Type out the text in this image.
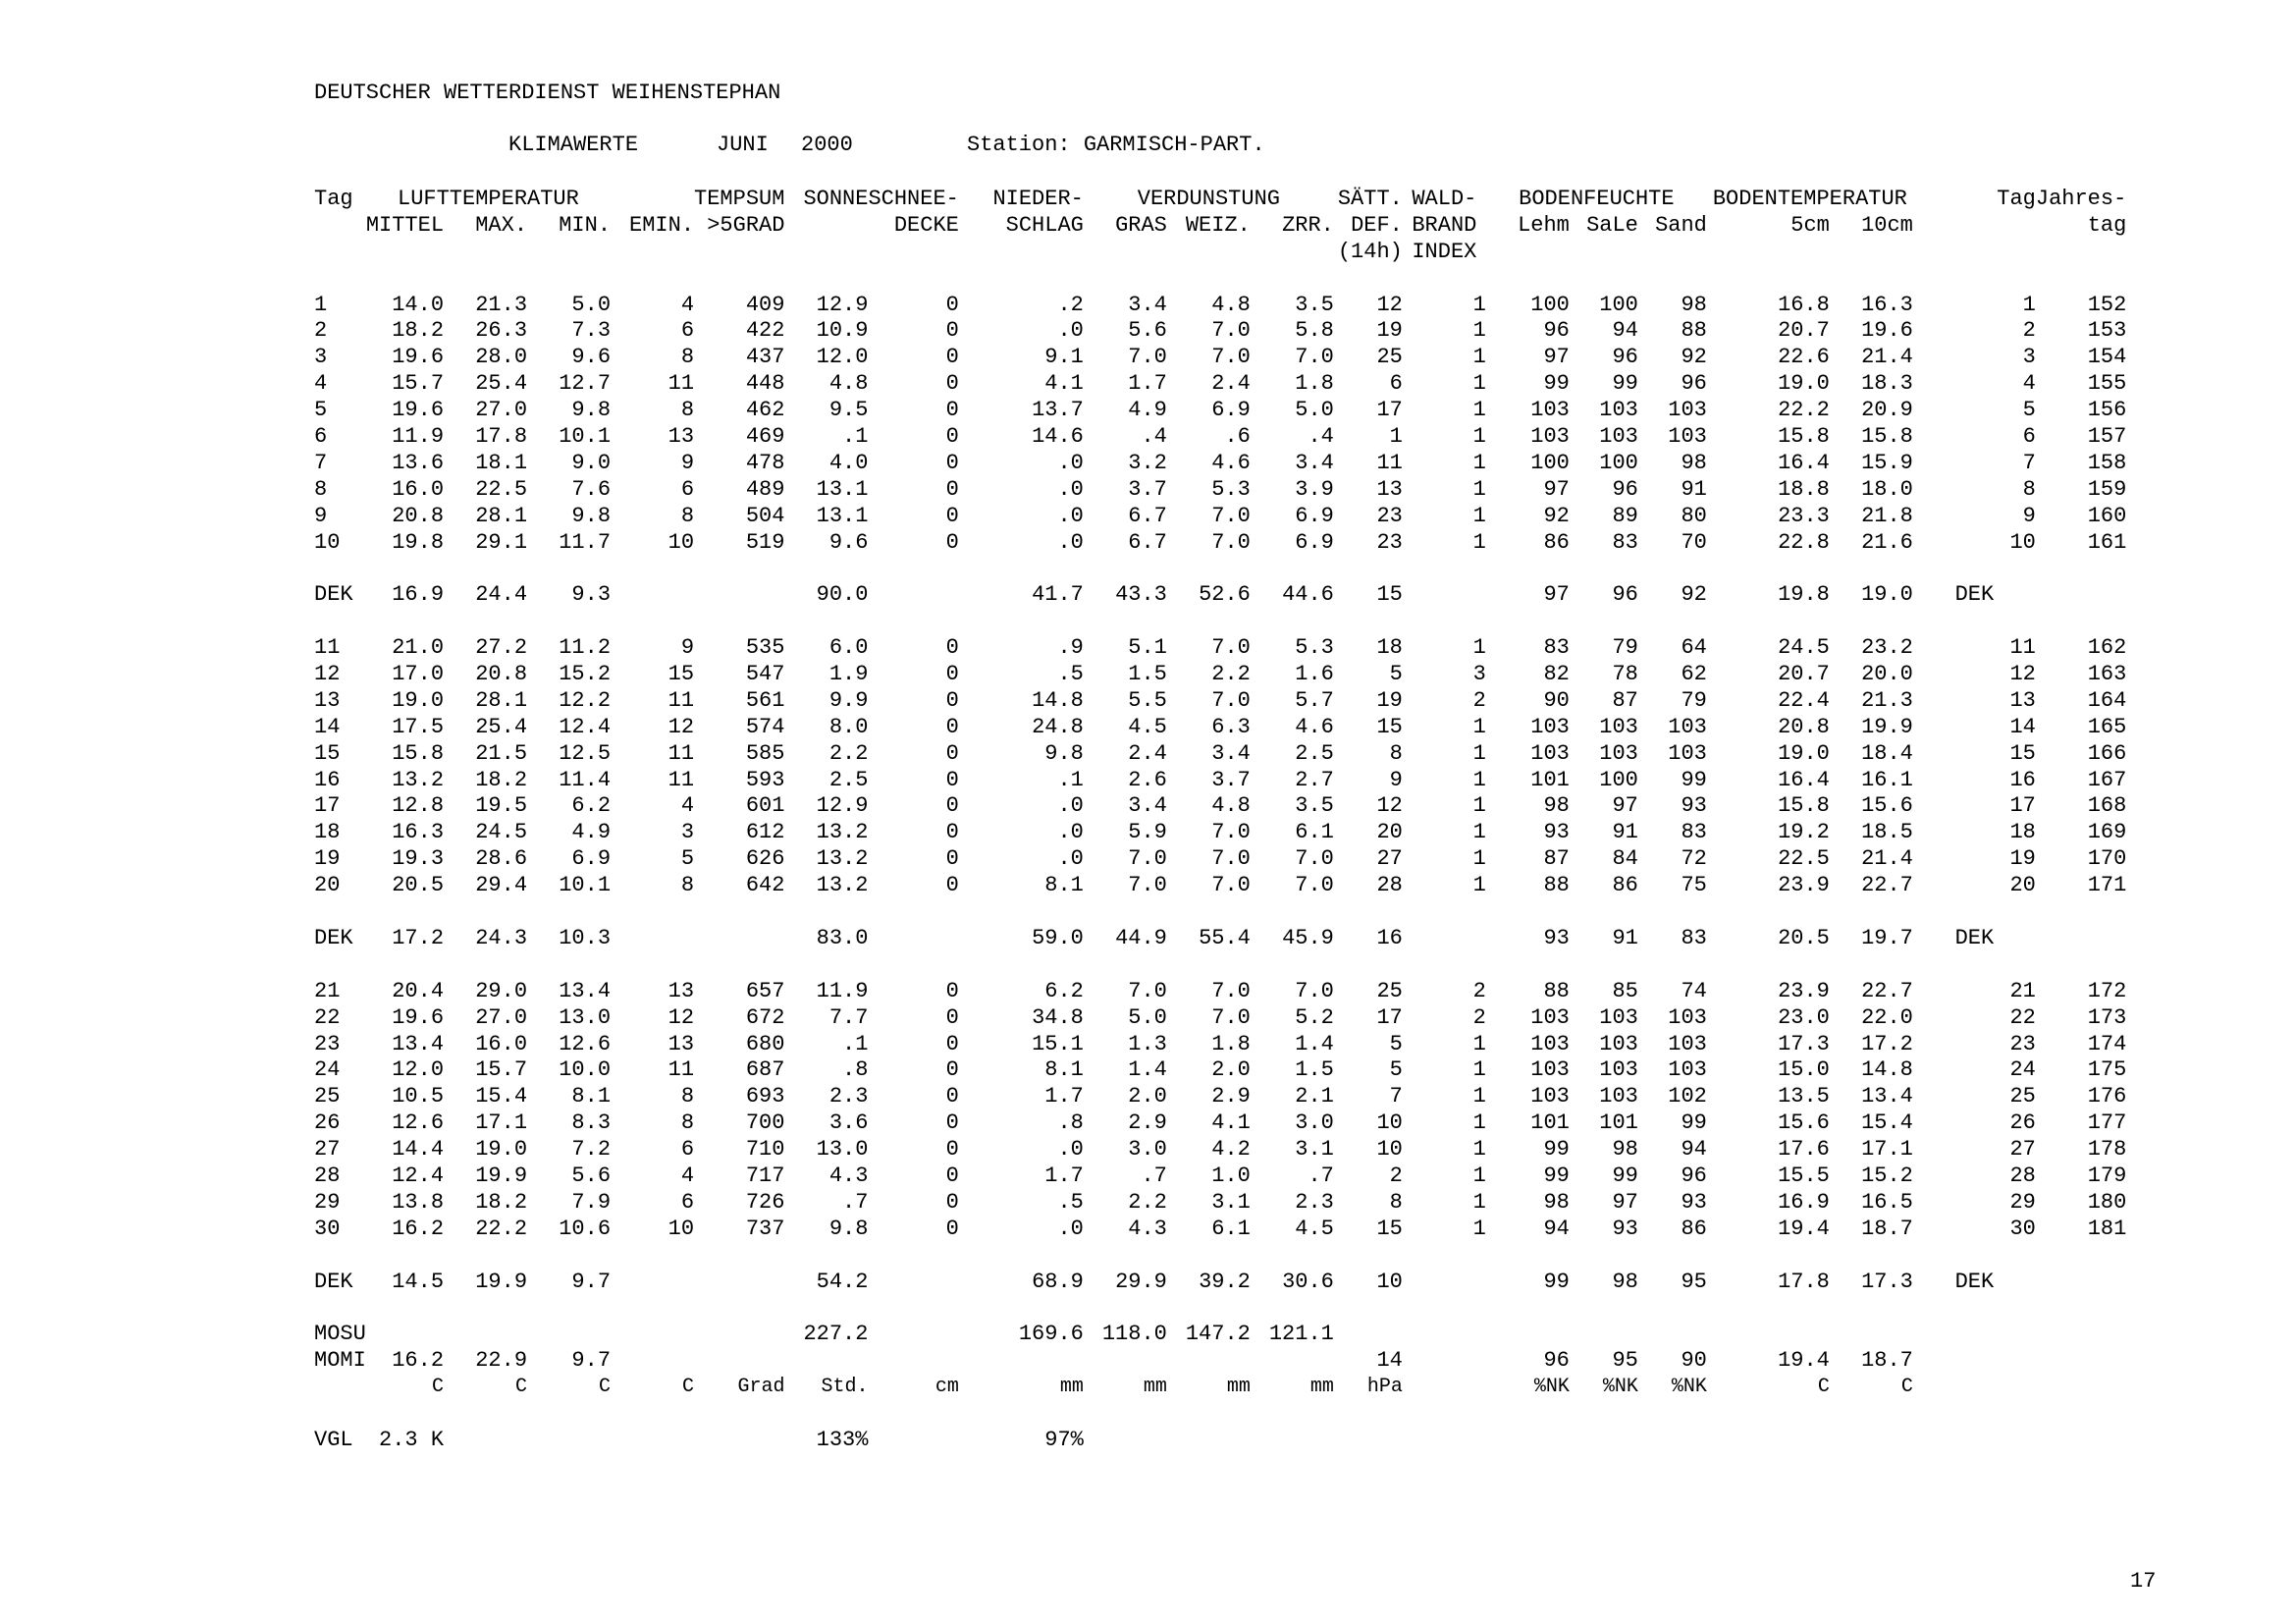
DEUTSCHER WETTERDIENST WEIHENSTEPHAN
KLIMAWERTE	JUNI 2000	Station: GARMISCH-PART.
Tag	LUFTTEMPERATUR				TEMPSUM	SONNE	SCHNEE-	NIEDER-	VERDUNSTUNG			SÄTT.	WALD-	BODENFEUCHTE			BODENTEMPERATUR		Tag	Jahres-
	MITTEL	MAX.	MIN.	EMIN.	>5GRAD		DECKE	SCHLAG	GRAS	WEIZ.	ZRR.	DEF.	BRAND	Lehm	SaLe	Sand	5cm	10cm		tag
												(14h)	INDEX							

1	14.0	21.3	5.0	4	409	12.9	0	.2	3.4	4.8	3.5	12	1	100	100	98	16.8	16.3	1	152
2	18.2	26.3	7.3	6	422	10.9	0	.0	5.6	7.0	5.8	19	1	96	94	88	20.7	19.6	2	153
3	19.6	28.0	9.6	8	437	12.0	0	9.1	7.0	7.0	7.0	25	1	97	96	92	22.6	21.4	3	154
4	15.7	25.4	12.7	11	448	4.8	0	4.1	1.7	2.4	1.8	6	1	99	99	96	19.0	18.3	4	155
5	19.6	27.0	9.8	8	462	9.5	0	13.7	4.9	6.9	5.0	17	1	103	103	103	22.2	20.9	5	156
6	11.9	17.8	10.1	13	469	.1	0	14.6	.4	.6	.4	1	1	103	103	103	15.8	15.8	6	157
7	13.6	18.1	9.0	9	478	4.0	0	.0	3.2	4.6	3.4	11	1	100	100	98	16.4	15.9	7	158
8	16.0	22.5	7.6	6	489	13.1	0	.0	3.7	5.3	3.9	13	1	97	96	91	18.8	18.0	8	159
9	20.8	28.1	9.8	8	504	13.1	0	.0	6.7	7.0	6.9	23	1	92	89	80	23.3	21.8	9	160
10	19.8	29.1	11.7	10	519	9.6	0	.0	6.7	7.0	6.9	23	1	86	83	70	22.8	21.6	10	161

DEK	16.9	24.4	9.3			90.0		41.7	43.3	52.6	44.6	15		97	96	92	19.8	19.0	DEK	

11	21.0	27.2	11.2	9	535	6.0	0	.9	5.1	7.0	5.3	18	1	83	79	64	24.5	23.2	11	162
12	17.0	20.8	15.2	15	547	1.9	0	.5	1.5	2.2	1.6	5	3	82	78	62	20.7	20.0	12	163
13	19.0	28.1	12.2	11	561	9.9	0	14.8	5.5	7.0	5.7	19	2	90	87	79	22.4	21.3	13	164
14	17.5	25.4	12.4	12	574	8.0	0	24.8	4.5	6.3	4.6	15	1	103	103	103	20.8	19.9	14	165
15	15.8	21.5	12.5	11	585	2.2	0	9.8	2.4	3.4	2.5	8	1	103	103	103	19.0	18.4	15	166
16	13.2	18.2	11.4	11	593	2.5	0	.1	2.6	3.7	2.7	9	1	101	100	99	16.4	16.1	16	167
17	12.8	19.5	6.2	4	601	12.9	0	.0	3.4	4.8	3.5	12	1	98	97	93	15.8	15.6	17	168
18	16.3	24.5	4.9	3	612	13.2	0	.0	5.9	7.0	6.1	20	1	93	91	83	19.2	18.5	18	169
19	19.3	28.6	6.9	5	626	13.2	0	.0	7.0	7.0	7.0	27	1	87	84	72	22.5	21.4	19	170
20	20.5	29.4	10.1	8	642	13.2	0	8.1	7.0	7.0	7.0	28	1	88	86	75	23.9	22.7	20	171

DEK	17.2	24.3	10.3			83.0		59.0	44.9	55.4	45.9	16		93	91	83	20.5	19.7	DEK	

21	20.4	29.0	13.4	13	657	11.9	0	6.2	7.0	7.0	7.0	25	2	88	85	74	23.9	22.7	21	172
22	19.6	27.0	13.0	12	672	7.7	0	34.8	5.0	7.0	5.2	17	2	103	103	103	23.0	22.0	22	173
23	13.4	16.0	12.6	13	680	.1	0	15.1	1.3	1.8	1.4	5	1	103	103	103	17.3	17.2	23	174
24	12.0	15.7	10.0	11	687	.8	0	8.1	1.4	2.0	1.5	5	1	103	103	103	15.0	14.8	24	175
25	10.5	15.4	8.1	8	693	2.3	0	1.7	2.0	2.9	2.1	7	1	103	103	102	13.5	13.4	25	176
26	12.6	17.1	8.3	8	700	3.6	0	.8	2.9	4.1	3.0	10	1	101	101	99	15.6	15.4	26	177
27	14.4	19.0	7.2	6	710	13.0	0	.0	3.0	4.2	3.1	10	1	99	98	94	17.6	17.1	27	178
28	12.4	19.9	5.6	4	717	4.3	0	1.7	.7	1.0	.7	2	1	99	99	96	15.5	15.2	28	179
29	13.8	18.2	7.9	6	726	.7	0	.5	2.2	3.1	2.3	8	1	98	97	93	16.9	16.5	29	180
30	16.2	22.2	10.6	10	737	9.8	0	.0	4.3	6.1	4.5	15	1	94	93	86	19.4	18.7	30	181

DEK	14.5	19.9	9.7			54.2		68.9	29.9	39.2	30.6	10		99	98	95	17.8	17.3	DEK	

MOSU						227.2		169.6	118.0	147.2	121.1									
MOMI	16.2	22.9	9.7									14		96	95	90	19.4	18.7		
	C	C	C	C	Grad	Std.	cm	mm	mm	mm	mm	hPa		%NK	%NK	%NK	C	C		

VGL	2.3 K					133%		97%												
17
